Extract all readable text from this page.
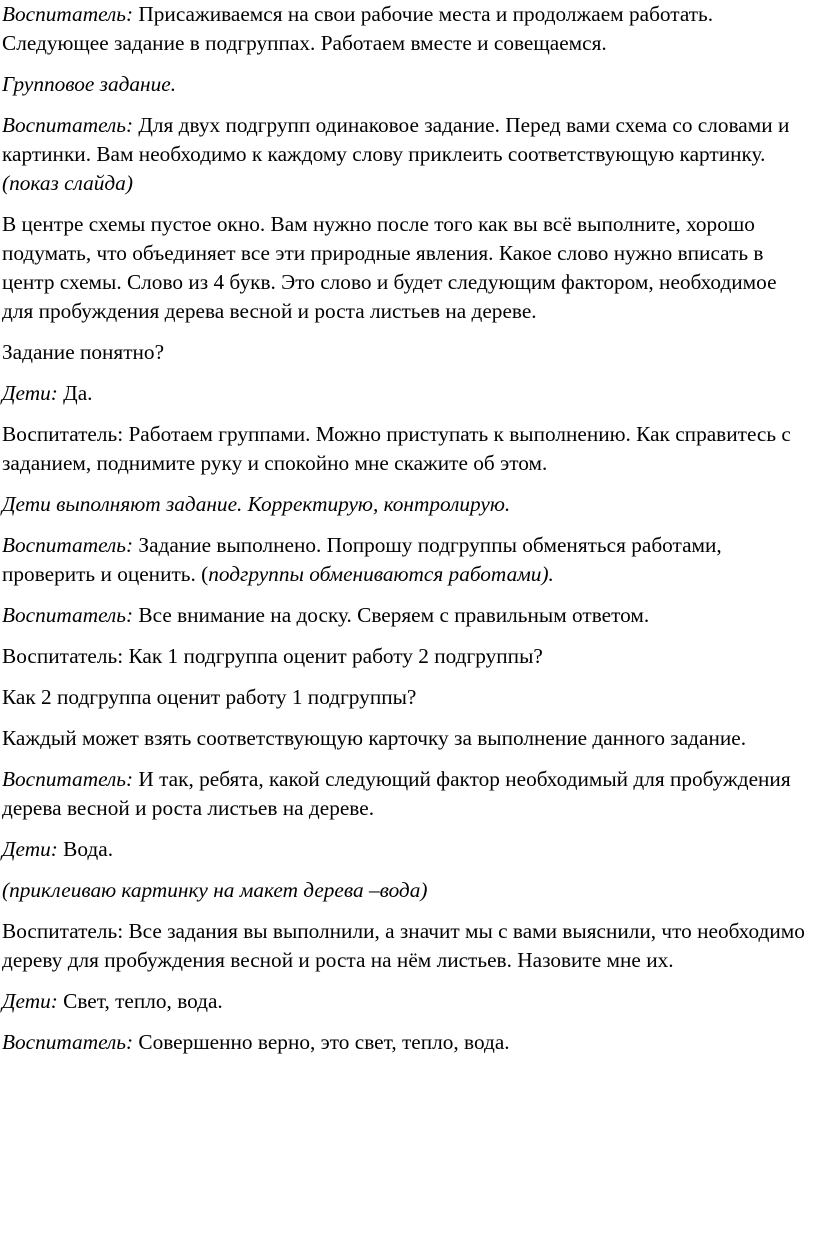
Воспитатель: Присаживаемся на свои рабочие места и продолжаем работать. Следующее задание в подгруппах. Работаем вместе и совещаемся.

Групповое задание.

Воспитатель: Для двух подгрупп одинаковое задание. Перед вами схема со словами и картинки. Вам необходимо к каждому слову приклеить соответствующую картинку. (показ слайда)

В центре схемы пустое окно. Вам нужно после того как вы всё выполните, хорошо подумать, что объединяет все эти природные явления. Какое слово нужно вписать в центр схемы. Слово из 4 букв. Это слово и будет следующим фактором, необходимое для пробуждения дерева весной и роста листьев на дереве.

Задание понятно?

Дети: Да.

Воспитатель: Работаем группами. Можно приступать к выполнению. Как справитесь с заданием, поднимите руку и спокойно мне скажите об этом.

Дети выполняют задание. Корректирую, контролирую.

Воспитатель: Задание выполнено. Попрошу подгруппы обменяться работами, проверить и оценить. (подгруппы обмениваются работами).

Воспитатель: Все внимание на доску. Сверяем с правильным ответом.

Воспитатель: Как 1 подгруппа оценит работу 2 подгруппы?

Как 2 подгруппа оценит работу 1 подгруппы?

Каждый может взять соответствующую карточку за выполнение данного задание.

Воспитатель: И так, ребята, какой следующий фактор необходимый для пробуждения дерева весной и роста листьев на дереве.

Дети: Вода.

(приклеиваю картинку на макет дерева –вода)

Воспитатель: Все задания вы выполнили, а значит мы с вами выяснили, что необходимо дереву для пробуждения весной и роста на нём листьев. Назовите мне их.

Дети: Свет, тепло, вода.

Воспитатель: Совершенно верно, это свет, тепло, вода.
